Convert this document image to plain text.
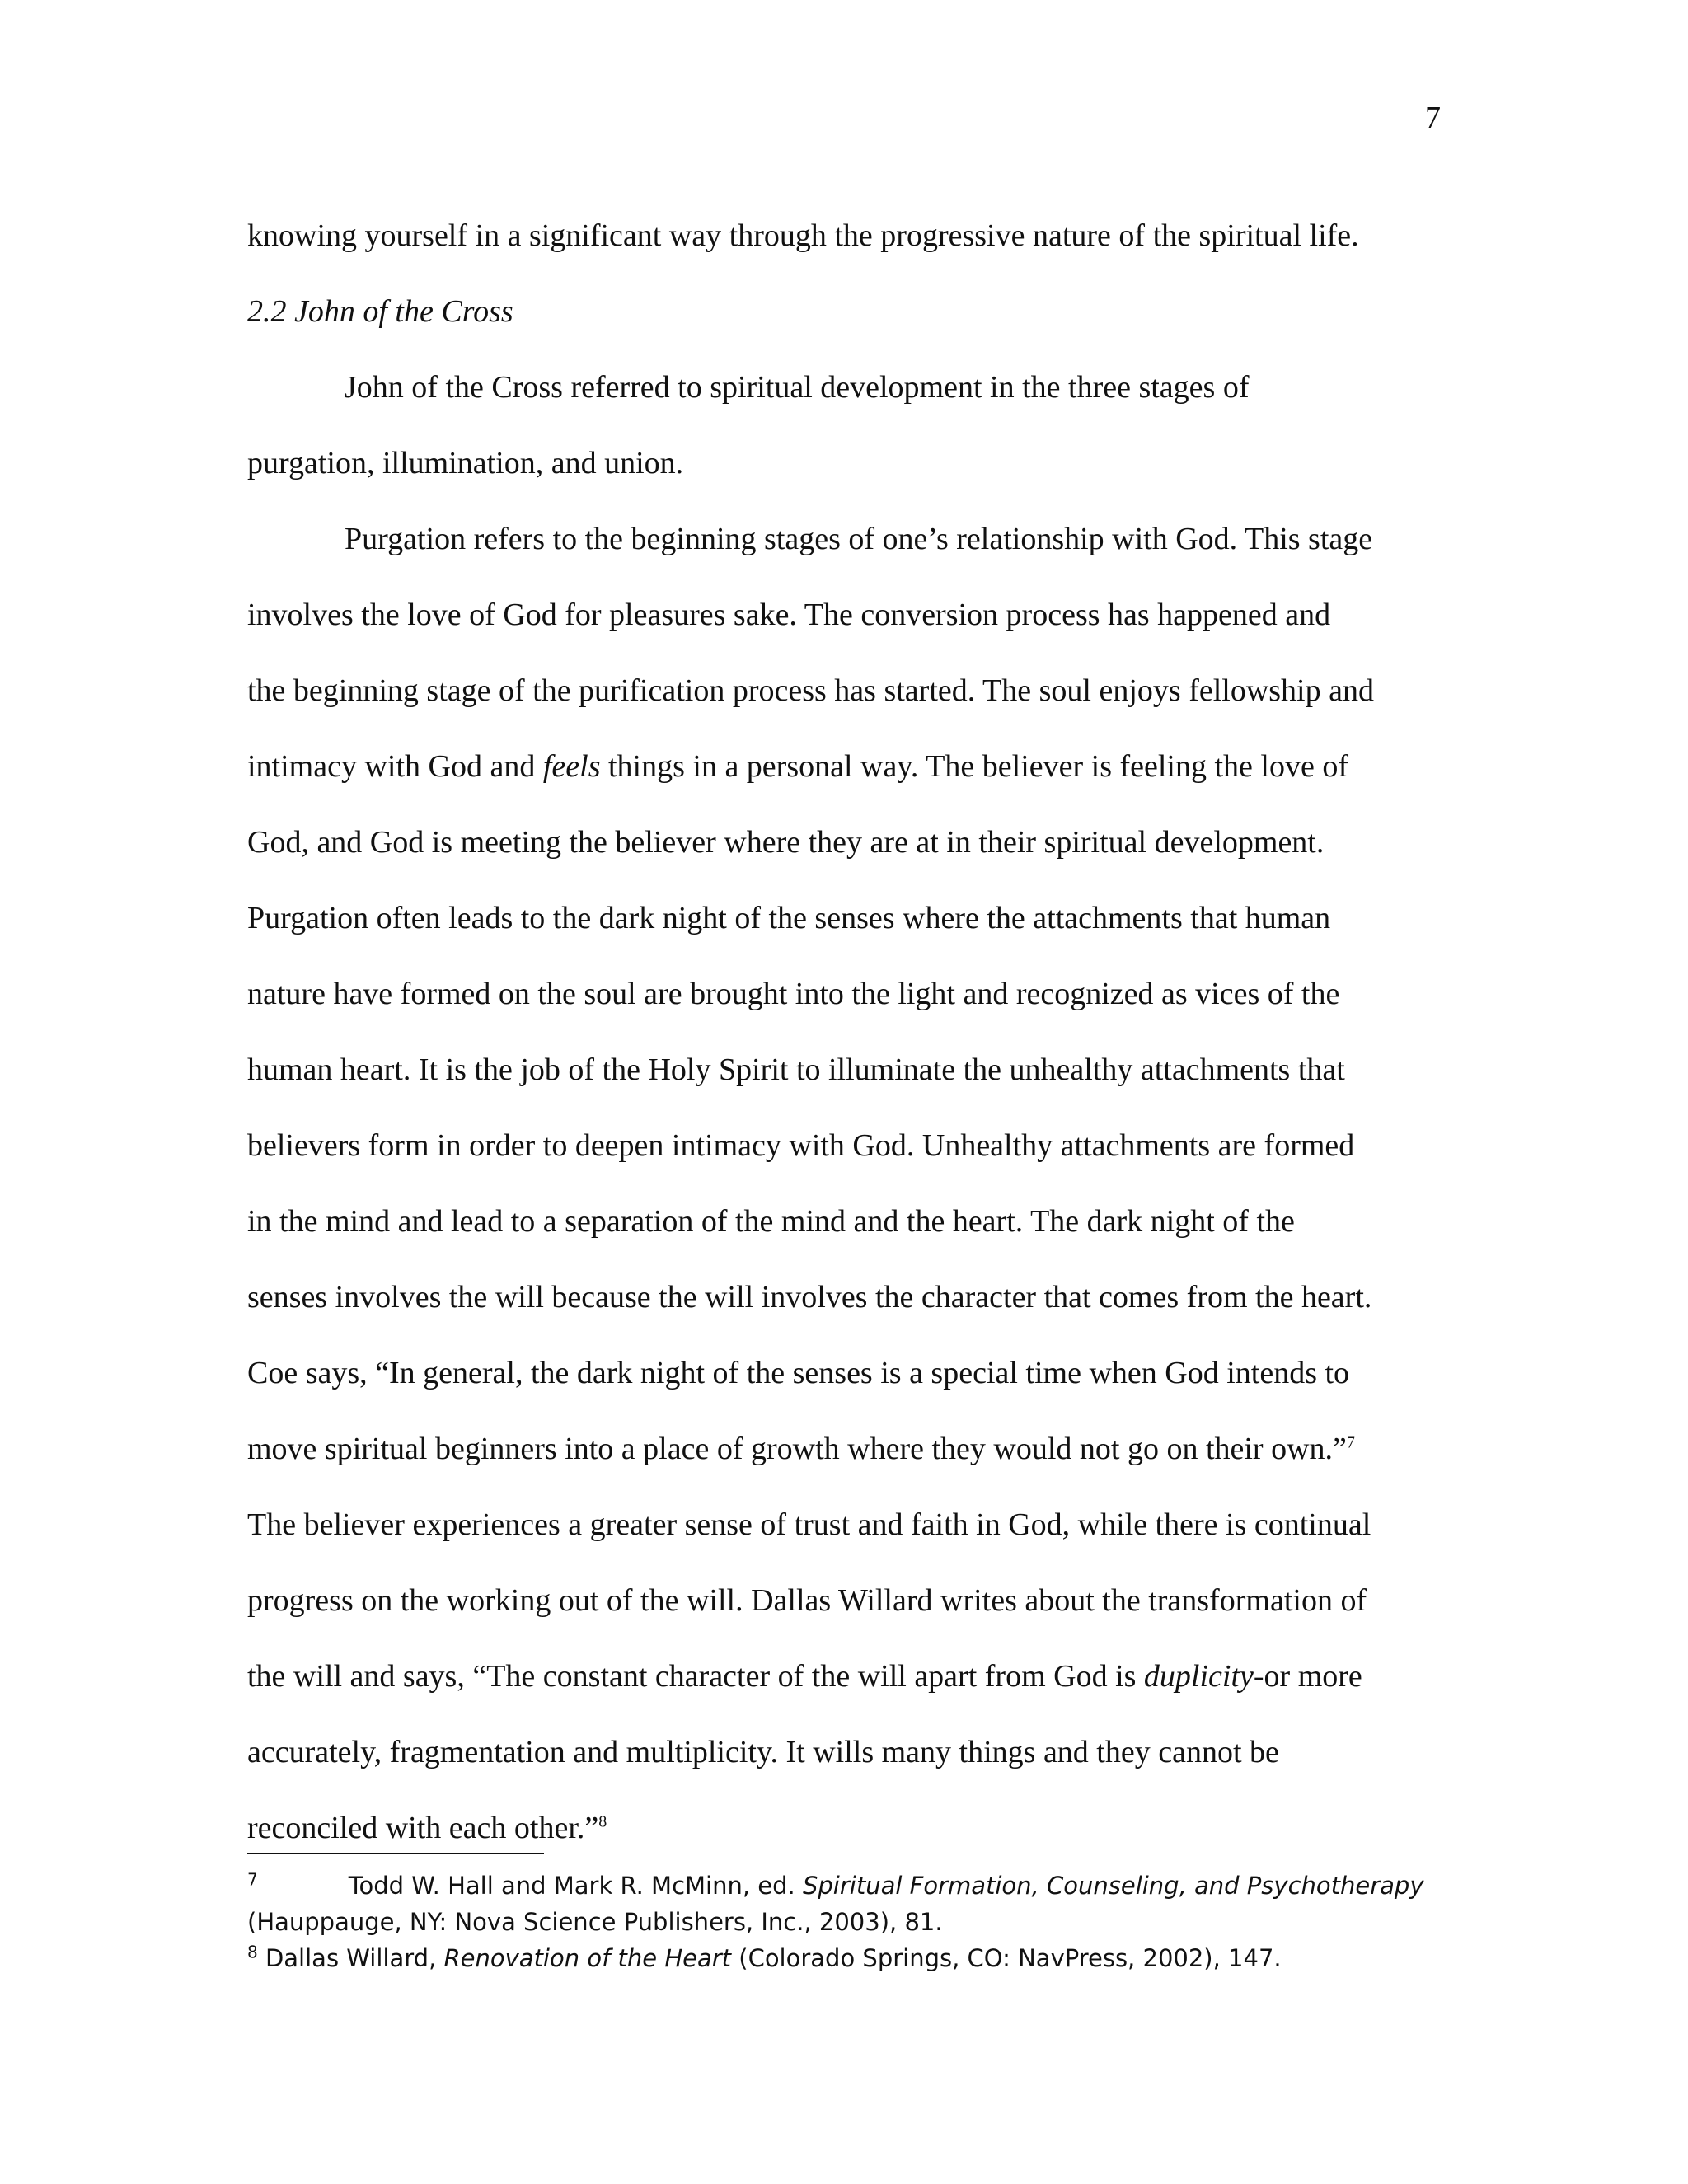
7
knowing yourself in a significant way through the progressive nature of the spiritual life.
2.2 John of the Cross
John of the Cross referred to spiritual development in the three stages of
purgation, illumination, and union.
Purgation refers to the beginning stages of one’s relationship with God. This stage
involves the love of God for pleasures sake. The conversion process has happened and
the beginning stage of the purification process has started. The soul enjoys fellowship and
intimacy with God and feels things in a personal way. The believer is feeling the love of
God, and God is meeting the believer where they are at in their spiritual development.
Purgation often leads to the dark night of the senses where the attachments that human
nature have formed on the soul are brought into the light and recognized as vices of the
human heart. It is the job of the Holy Spirit to illuminate the unhealthy attachments that
believers form in order to deepen intimacy with God. Unhealthy attachments are formed
in the mind and lead to a separation of the mind and the heart. The dark night of the
senses involves the will because the will involves the character that comes from the heart.
Coe says, “In general, the dark night of the senses is a special time when God intends to
move spiritual beginners into a place of growth where they would not go on their own.”$^7$
The believer experiences a greater sense of trust and faith in God, while there is continual
progress on the working out of the will. Dallas Willard writes about the transformation of
the will and says, “The constant character of the will apart from God is duplicity-or more
accurately, fragmentation and multiplicity. It wills many things and they cannot be
reconciled with each other.”$^8$
$^7$	Todd W. Hall and Mark R. McMinn, ed. Spiritual Formation, Counseling, and Psychotherapy
(Hauppauge, NY: Nova Science Publishers, Inc., 2003), 81.
$^8$ Dallas Willard, Renovation of the Heart (Colorado Springs, CO: NavPress, 2002), 147.
